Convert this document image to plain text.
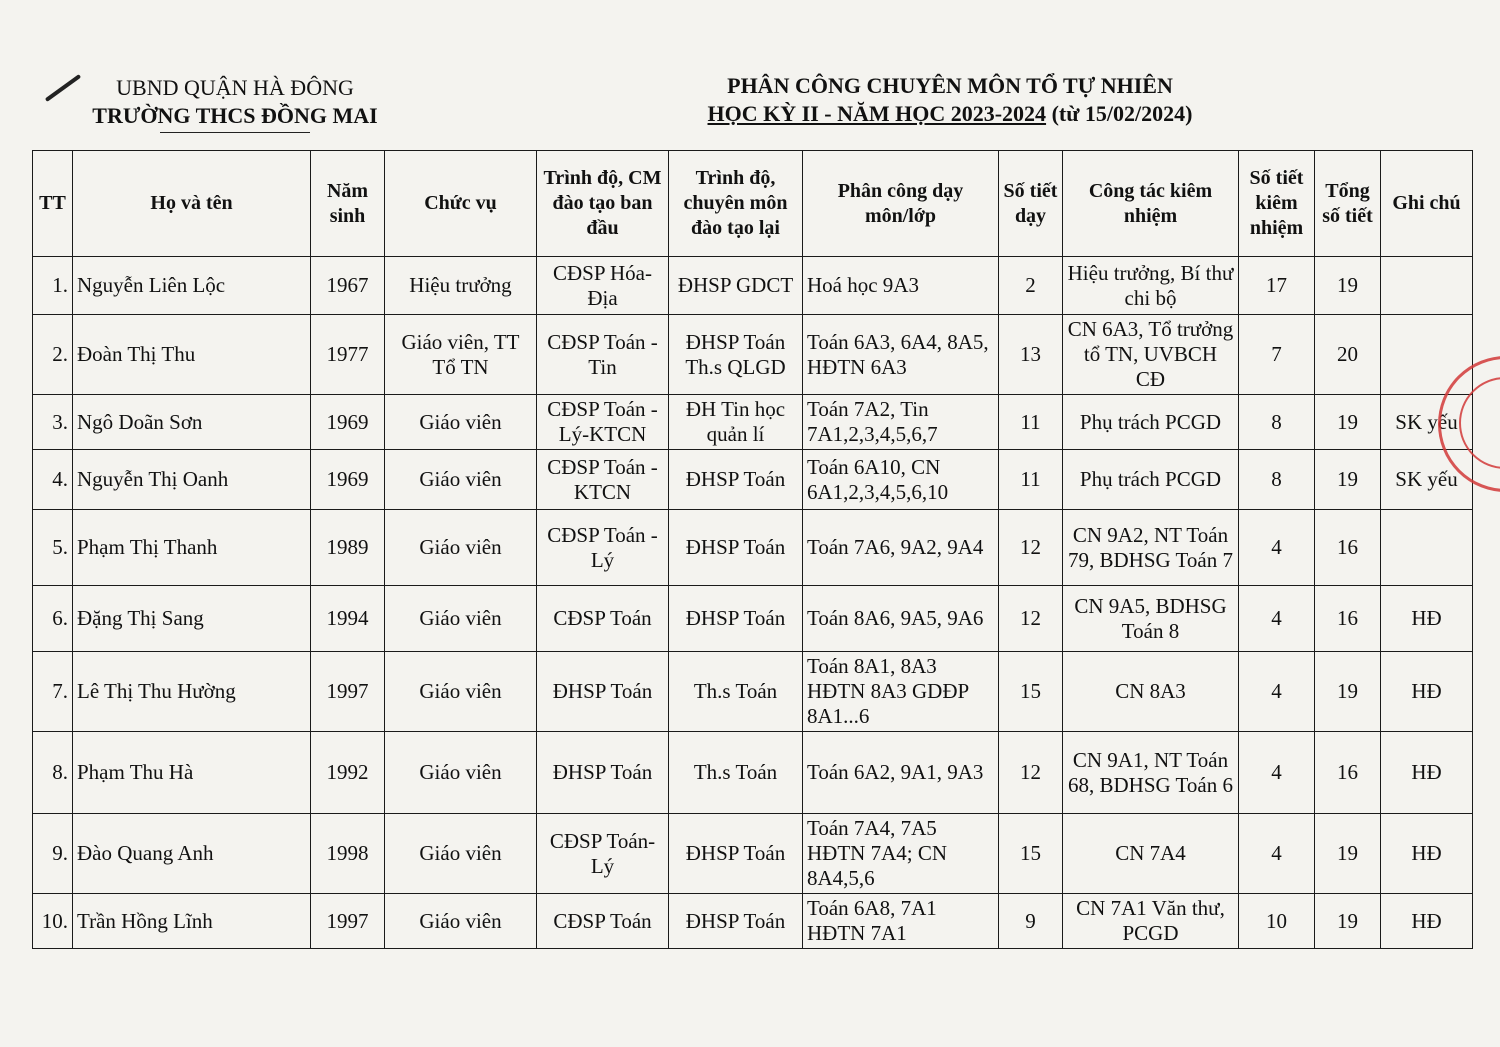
UBND QUẬN HÀ ĐÔNG
TRƯỜNG THCS ĐỒNG MAI
PHÂN CÔNG CHUYÊN MÔN TỔ TỰ NHIÊN
HỌC KỲ II - NĂM HỌC 2023-2024 (từ 15/02/2024)
TT	Họ và tên	Năm sinh	Chức vụ	Trình độ, CM đào tạo ban đầu	Trình độ, chuyên môn đào tạo lại	Phân công dạy môn/lớp	Số tiết dạy	Công tác kiêm nhiệm	Số tiết kiêm nhiệm	Tổng số tiết	Ghi chú
1.	Nguyễn Liên Lộc	1967	Hiệu trưởng	CĐSP Hóa-Địa	ĐHSP GDCT	Hoá học 9A3	2	Hiệu trưởng, Bí thư chi bộ	17	19	
2.	Đoàn Thị Thu	1977	Giáo viên, TT Tổ TN	CĐSP Toán - Tin	ĐHSP Toán Th.s QLGD	Toán 6A3, 6A4, 8A5, HĐTN 6A3	13	CN 6A3, Tổ trưởng tổ TN, UVBCH CĐ	7	20	
3.	Ngô Doãn Sơn	1969	Giáo viên	CĐSP Toán -Lý-KTCN	ĐH Tin học quản lí	Toán 7A2, Tin 7A1,2,3,4,5,6,7	11	Phụ trách PCGD	8	19	SK yếu
4.	Nguyễn Thị Oanh	1969	Giáo viên	CĐSP Toán - KTCN	ĐHSP Toán	Toán 6A10, CN 6A1,2,3,4,5,6,10	11	Phụ trách PCGD	8	19	SK yếu
5.	Phạm Thị Thanh	1989	Giáo viên	CĐSP Toán - Lý	ĐHSP Toán	Toán 7A6, 9A2, 9A4	12	CN 9A2, NT Toán 79, BDHSG Toán 7	4	16	
6.	Đặng Thị Sang	1994	Giáo viên	CĐSP Toán	ĐHSP Toán	Toán 8A6, 9A5, 9A6	12	CN 9A5, BDHSG Toán 8	4	16	HĐ
7.	Lê Thị Thu Hường	1997	Giáo viên	ĐHSP Toán	Th.s Toán	Toán 8A1, 8A3 HĐTN 8A3 GDĐP 8A1...6	15	CN 8A3	4	19	HĐ
8.	Phạm Thu Hà	1992	Giáo viên	ĐHSP Toán	Th.s Toán	Toán 6A2, 9A1, 9A3	12	CN 9A1, NT Toán 68, BDHSG Toán 6	4	16	HĐ
9.	Đào Quang Anh	1998	Giáo viên	CĐSP Toán-Lý	ĐHSP Toán	Toán 7A4, 7A5 HĐTN 7A4; CN 8A4,5,6	15	CN 7A4	4	19	HĐ
10.	Trần Hồng Lĩnh	1997	Giáo viên	CĐSP Toán	ĐHSP Toán	Toán 6A8, 7A1 HĐTN 7A1	9	CN 7A1 Văn thư, PCGD	10	19	HĐ
